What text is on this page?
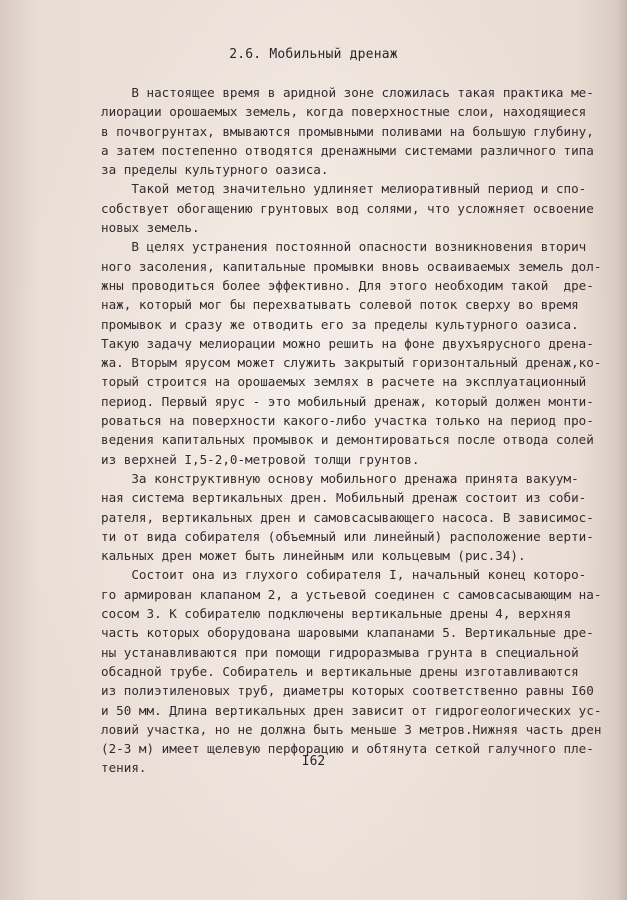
2.6. Мобильный дренаж
В настоящее время в аридной зоне сложилась такая практика ме-
лиорации орошаемых земель, когда поверхностные слои, находящиеся
в почвогрунтах, вмываются промывными поливами на большую глубину,
а затем постепенно отводятся дренажными системами различного типа
за пределы культурного оазиса.
Такой метод значительно удлиняет мелиоративный период и спо-
собствует обогащению грунтовых вод солями, что усложняет освоение
новых земель.
В целях устранения постоянной опасности возникновения вторич
ного засоления, капитальные промывки вновь осваиваемых земель дол-
жны проводиться более эффективно. Для этого необходим такой  дре-
наж, который мог бы перехватывать солевой поток сверху во время
промывок и сразу же отводить его за пределы культурного оазиса.
Такую задачу мелиорации можно решить на фоне двухъярусного дрена-
жа. Вторым ярусом может служить закрытый горизонтальный дренаж,ко-
торый строится на орошаемых землях в расчете на эксплуатационный
период. Первый ярус - это мобильный дренаж, который должен монти-
роваться на поверхности какого-либо участка только на период про-
ведения капитальных промывок и демонтироваться после отвода солей
из верхней I,5-2,0-метровой толщи грунтов.
За конструктивную основу мобильного дренажа принята вакуум-
ная система вертикальных дрен. Мобильный дренаж состоит из соби-
рателя, вертикальных дрен и самовсасывающего насоса. В зависимос-
ти от вида собирателя (объемный или линейный) расположение верти-
кальных дрен может быть линейным или кольцевым (рис.34).
Состоит она из глухого собирателя I, начальный конец которо-
го армирован клапаном 2, а устьевой соединен с самовсасывающим на-
сосом 3. К собирателю подключены вертикальные дрены 4, верхняя
часть которых оборудована шаровыми клапанами 5. Вертикальные дре-
ны устанавливаются при помощи гидроразмыва грунта в специальной
обсадной трубе. Собиратель и вертикальные дрены изготавливаются
из полиэтиленовых труб, диаметры которых соответственно равны I60
и 50 мм. Длина вертикальных дрен зависит от гидрогеологических ус-
ловий участка, но не должна быть меньше 3 метров.Нижняя часть дрен
(2-3 м) имеет щелевую перфорацию и обтянута сеткой галучного пле-
тения.	I62
